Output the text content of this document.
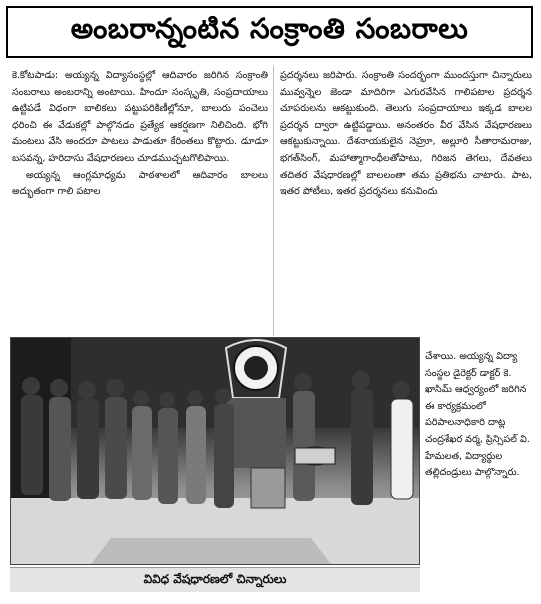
అంబరాన్నంటిన సంక్రాంతి సంబరాలు

కె.కోటపాడు: అయ్యన్న విద్యాసంస్థల్లో ఆదివారం జరిగిన సంక్రాంతి సంబరాలు అంబరాన్ని అంటాయి. హిందూ సంస్కృతి, సంప్రదాయాలు ఉట్టిపడే విధంగా బాలికలు పట్టుపరికిణీల్లోనూ, బాలురు పంచెలు ధరించి ఈ వేడుకల్లో పాల్గొనడం ప్రత్యేక ఆకర్షణగా నిలిచింది. భోగి మంటలు వేసి అందరూ పాటలు పాడుతూ కేరింతలు కొట్టారు. డూడూ బసవన్న, హరిదాసు వేషధారణలు చూడముచ్చటగొలిపాయి.

అయ్యన్న ఆంగ్లమాధ్యమ పాఠశాలలో ఆదివారం బాలలు అద్భుతంగా గాలి పటాల

ప్రదర్శనలు జరిపారు. సంక్రాంతి సందర్భంగా ముందస్తుగా చిన్నారులు మువ్వన్నెల జెండా మాదిరిగా ఎగురవేసిన గాలిపటాల ప్రదర్శన చూపరులను ఆకట్టుకుంది. తెలుగు సంప్రదాయాలు ఇక్కడ బాలల ప్రదర్శన ద్వారా ఉట్టిపడ్డాయి. అనంతరం వీర వేసిన వేషధారణలు ఆకట్టుకున్నాయి. దేశనాయకులైన నెహ్రూ, అల్లూరి సీతారామరాజు, భగత్‌సింగ్, మహాత్మాగాంధీలతోపాటు, గిరిజన తెగలు, దేవతలు తదితర వేషధారణల్లో బాలలంతా తమ ప్రతిభను చాటారు. పాట, ఇతర పోటీలు, ఇతర ప్రదర్శనలు కనువిందు

వివిధ వేషధారణలో చిన్నారులు

చేశాయి. అయ్యన్న విద్యా సంస్థల డైరెక్టర్ డాక్టర్ కె. ఖాసిమ్ ఆధ్వర్యంలో జరిగిన ఈ కార్యక్రమంలో పరిపాలనాధికారి దాట్ల చంద్రశేఖర వర్మ, ప్రిన్సిపల్ వి. హేమలత, విద్యార్థుల తల్లిదండ్రులు పాల్గొన్నారు.
